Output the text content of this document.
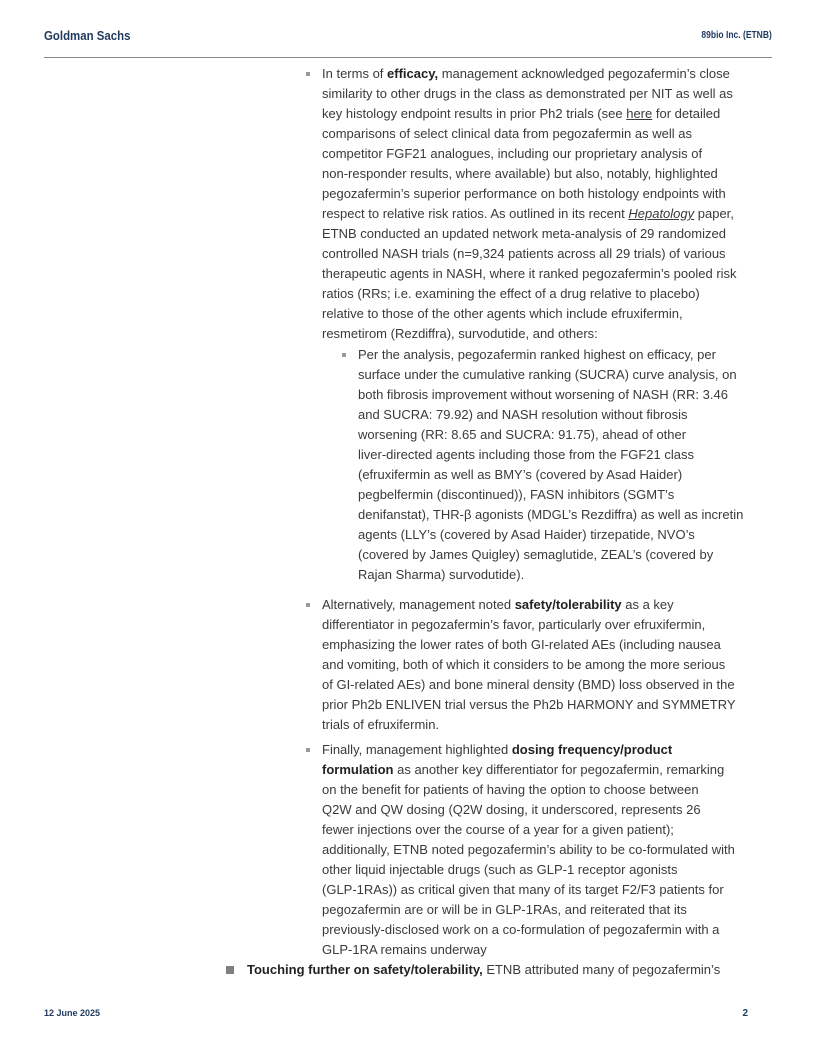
Goldman Sachs	89bio Inc. (ETNB)
In terms of efficacy, management acknowledged pegozafermin’s close
similarity to other drugs in the class as demonstrated per NIT as well as
key histology endpoint results in prior Ph2 trials (see here for detailed
comparisons of select clinical data from pegozafermin as well as
competitor FGF21 analogues, including our proprietary analysis of
non-responder results, where available) but also, notably, highlighted
pegozafermin’s superior performance on both histology endpoints with
respect to relative risk ratios. As outlined in its recent Hepatology paper,
ETNB conducted an updated network meta-analysis of 29 randomized
controlled NASH trials (n=9,324 patients across all 29 trials) of various
therapeutic agents in NASH, where it ranked pegozafermin’s pooled risk
ratios (RRs; i.e. examining the effect of a drug relative to placebo)
relative to those of the other agents which include efruxifermin,
resmetirom (Rezdiffra), survodutide, and others:
Per the analysis, pegozafermin ranked highest on efficacy, per
surface under the cumulative ranking (SUCRA) curve analysis, on
both fibrosis improvement without worsening of NASH (RR: 3.46
and SUCRA: 79.92) and NASH resolution without fibrosis
worsening (RR: 8.65 and SUCRA: 91.75), ahead of other
liver-directed agents including those from the FGF21 class
(efruxifermin as well as BMY’s (covered by Asad Haider)
pegbelfermin (discontinued)), FASN inhibitors (SGMT’s
denifanstat), THR-β agonists (MDGL’s Rezdiffra) as well as incretin
agents (LLY’s (covered by Asad Haider) tirzepatide, NVO’s
(covered by James Quigley) semaglutide, ZEAL’s (covered by
Rajan Sharma) survodutide).
Alternatively, management noted safety/tolerability as a key
differentiator in pegozafermin’s favor, particularly over efruxifermin,
emphasizing the lower rates of both GI-related AEs (including nausea
and vomiting, both of which it considers to be among the more serious
of GI-related AEs) and bone mineral density (BMD) loss observed in the
prior Ph2b ENLIVEN trial versus the Ph2b HARMONY and SYMMETRY
trials of efruxifermin.
Finally, management highlighted dosing frequency/product
formulation as another key differentiator for pegozafermin, remarking
on the benefit for patients of having the option to choose between
Q2W and QW dosing (Q2W dosing, it underscored, represents 26
fewer injections over the course of a year for a given patient);
additionally, ETNB noted pegozafermin’s ability to be co-formulated with
other liquid injectable drugs (such as GLP-1 receptor agonists
(GLP-1RAs)) as critical given that many of its target F2/F3 patients for
pegozafermin are or will be in GLP-1RAs, and reiterated that its
previously-disclosed work on a co-formulation of pegozafermin with a
GLP-1RA remains underway
Touching further on safety/tolerability, ETNB attributed many of pegozafermin’s
12 June 2025	2
